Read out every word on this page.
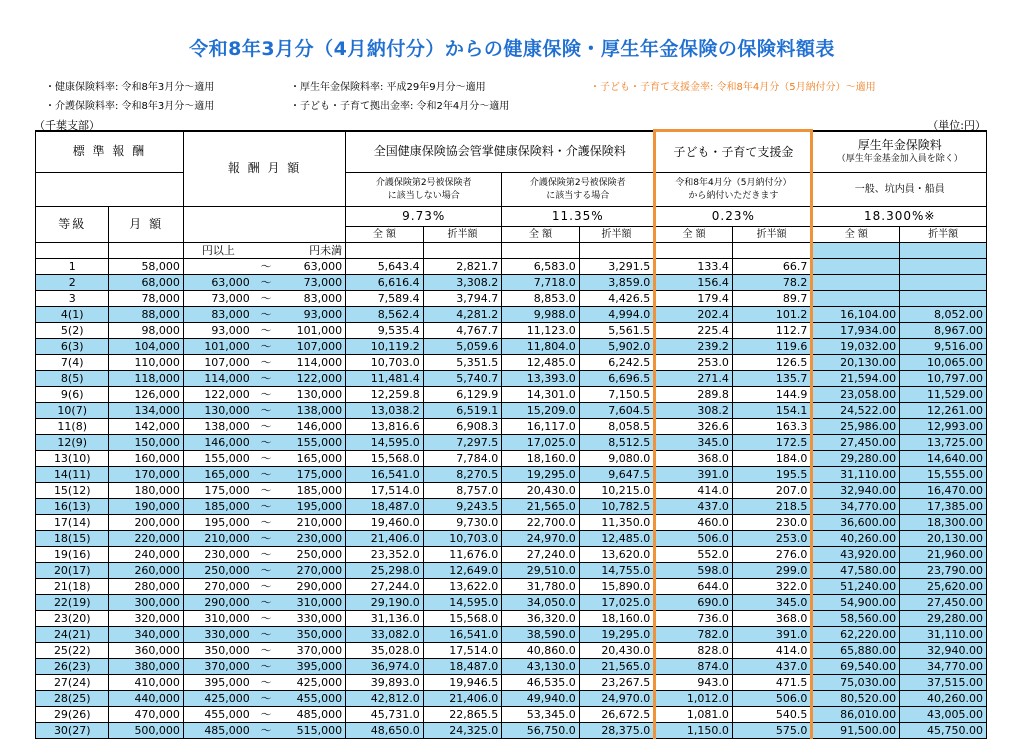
令和8年3月分（4月納付分）からの健康保険・厚生年金保険の保険料額表
・健康保険料率: 令和8年3月分～適用
・介護保険料率: 令和8年3月分～適用
・厚生年金保険料率: 平成29年9月分～適用
・子ども・子育て拠出金率: 令和2年4月分～適用
・子ども・子育て支援金率: 令和8年4月分（5月納付分）～適用
（千葉支部）	（単位:円）
標 準 報 酬		報 酬 月 額			全国健康保険協会管掌健康保険料・介護保険料				子ども・子育て支援金		厚生年金保険料
（厚生年金基金加入員を除く）	

					介護保険第2号被保険者
に該当しない場合		介護保険第2号被保険者
に該当する場合		令和8年4月分（5月納付分）
から納付いただきます		一般、坑内員・船員	
等級	月 額				9.73%		11.35%		0.23%		18.300%※	
					全 額	折半額	全 額	折半額	全 額	折半額	全 額	折半額
		円以上		円未満								
1	58,000		～	63,000	5,643.4	2,821.7	6,583.0	3,291.5	133.4	66.7		
2	68,000	63,000	～	73,000	6,616.4	3,308.2	7,718.0	3,859.0	156.4	78.2		
3	78,000	73,000	～	83,000	7,589.4	3,794.7	8,853.0	4,426.5	179.4	89.7		
4(1)	88,000	83,000	～	93,000	8,562.4	4,281.2	9,988.0	4,994.0	202.4	101.2	16,104.00	8,052.00
5(2)	98,000	93,000	～	101,000	9,535.4	4,767.7	11,123.0	5,561.5	225.4	112.7	17,934.00	8,967.00
6(3)	104,000	101,000	～	107,000	10,119.2	5,059.6	11,804.0	5,902.0	239.2	119.6	19,032.00	9,516.00
7(4)	110,000	107,000	～	114,000	10,703.0	5,351.5	12,485.0	6,242.5	253.0	126.5	20,130.00	10,065.00
8(5)	118,000	114,000	～	122,000	11,481.4	5,740.7	13,393.0	6,696.5	271.4	135.7	21,594.00	10,797.00
9(6)	126,000	122,000	～	130,000	12,259.8	6,129.9	14,301.0	7,150.5	289.8	144.9	23,058.00	11,529.00
10(7)	134,000	130,000	～	138,000	13,038.2	6,519.1	15,209.0	7,604.5	308.2	154.1	24,522.00	12,261.00
11(8)	142,000	138,000	～	146,000	13,816.6	6,908.3	16,117.0	8,058.5	326.6	163.3	25,986.00	12,993.00
12(9)	150,000	146,000	～	155,000	14,595.0	7,297.5	17,025.0	8,512.5	345.0	172.5	27,450.00	13,725.00
13(10)	160,000	155,000	～	165,000	15,568.0	7,784.0	18,160.0	9,080.0	368.0	184.0	29,280.00	14,640.00
14(11)	170,000	165,000	～	175,000	16,541.0	8,270.5	19,295.0	9,647.5	391.0	195.5	31,110.00	15,555.00
15(12)	180,000	175,000	～	185,000	17,514.0	8,757.0	20,430.0	10,215.0	414.0	207.0	32,940.00	16,470.00
16(13)	190,000	185,000	～	195,000	18,487.0	9,243.5	21,565.0	10,782.5	437.0	218.5	34,770.00	17,385.00
17(14)	200,000	195,000	～	210,000	19,460.0	9,730.0	22,700.0	11,350.0	460.0	230.0	36,600.00	18,300.00
18(15)	220,000	210,000	～	230,000	21,406.0	10,703.0	24,970.0	12,485.0	506.0	253.0	40,260.00	20,130.00
19(16)	240,000	230,000	～	250,000	23,352.0	11,676.0	27,240.0	13,620.0	552.0	276.0	43,920.00	21,960.00
20(17)	260,000	250,000	～	270,000	25,298.0	12,649.0	29,510.0	14,755.0	598.0	299.0	47,580.00	23,790.00
21(18)	280,000	270,000	～	290,000	27,244.0	13,622.0	31,780.0	15,890.0	644.0	322.0	51,240.00	25,620.00
22(19)	300,000	290,000	～	310,000	29,190.0	14,595.0	34,050.0	17,025.0	690.0	345.0	54,900.00	27,450.00
23(20)	320,000	310,000	～	330,000	31,136.0	15,568.0	36,320.0	18,160.0	736.0	368.0	58,560.00	29,280.00
24(21)	340,000	330,000	～	350,000	33,082.0	16,541.0	38,590.0	19,295.0	782.0	391.0	62,220.00	31,110.00
25(22)	360,000	350,000	～	370,000	35,028.0	17,514.0	40,860.0	20,430.0	828.0	414.0	65,880.00	32,940.00
26(23)	380,000	370,000	～	395,000	36,974.0	18,487.0	43,130.0	21,565.0	874.0	437.0	69,540.00	34,770.00
27(24)	410,000	395,000	～	425,000	39,893.0	19,946.5	46,535.0	23,267.5	943.0	471.5	75,030.00	37,515.00
28(25)	440,000	425,000	～	455,000	42,812.0	21,406.0	49,940.0	24,970.0	1,012.0	506.0	80,520.00	40,260.00
29(26)	470,000	455,000	～	485,000	45,731.0	22,865.5	53,345.0	26,672.5	1,081.0	540.5	86,010.00	43,005.00
30(27)	500,000	485,000	～	515,000	48,650.0	24,325.0	56,750.0	28,375.0	1,150.0	575.0	91,500.00	45,750.00
